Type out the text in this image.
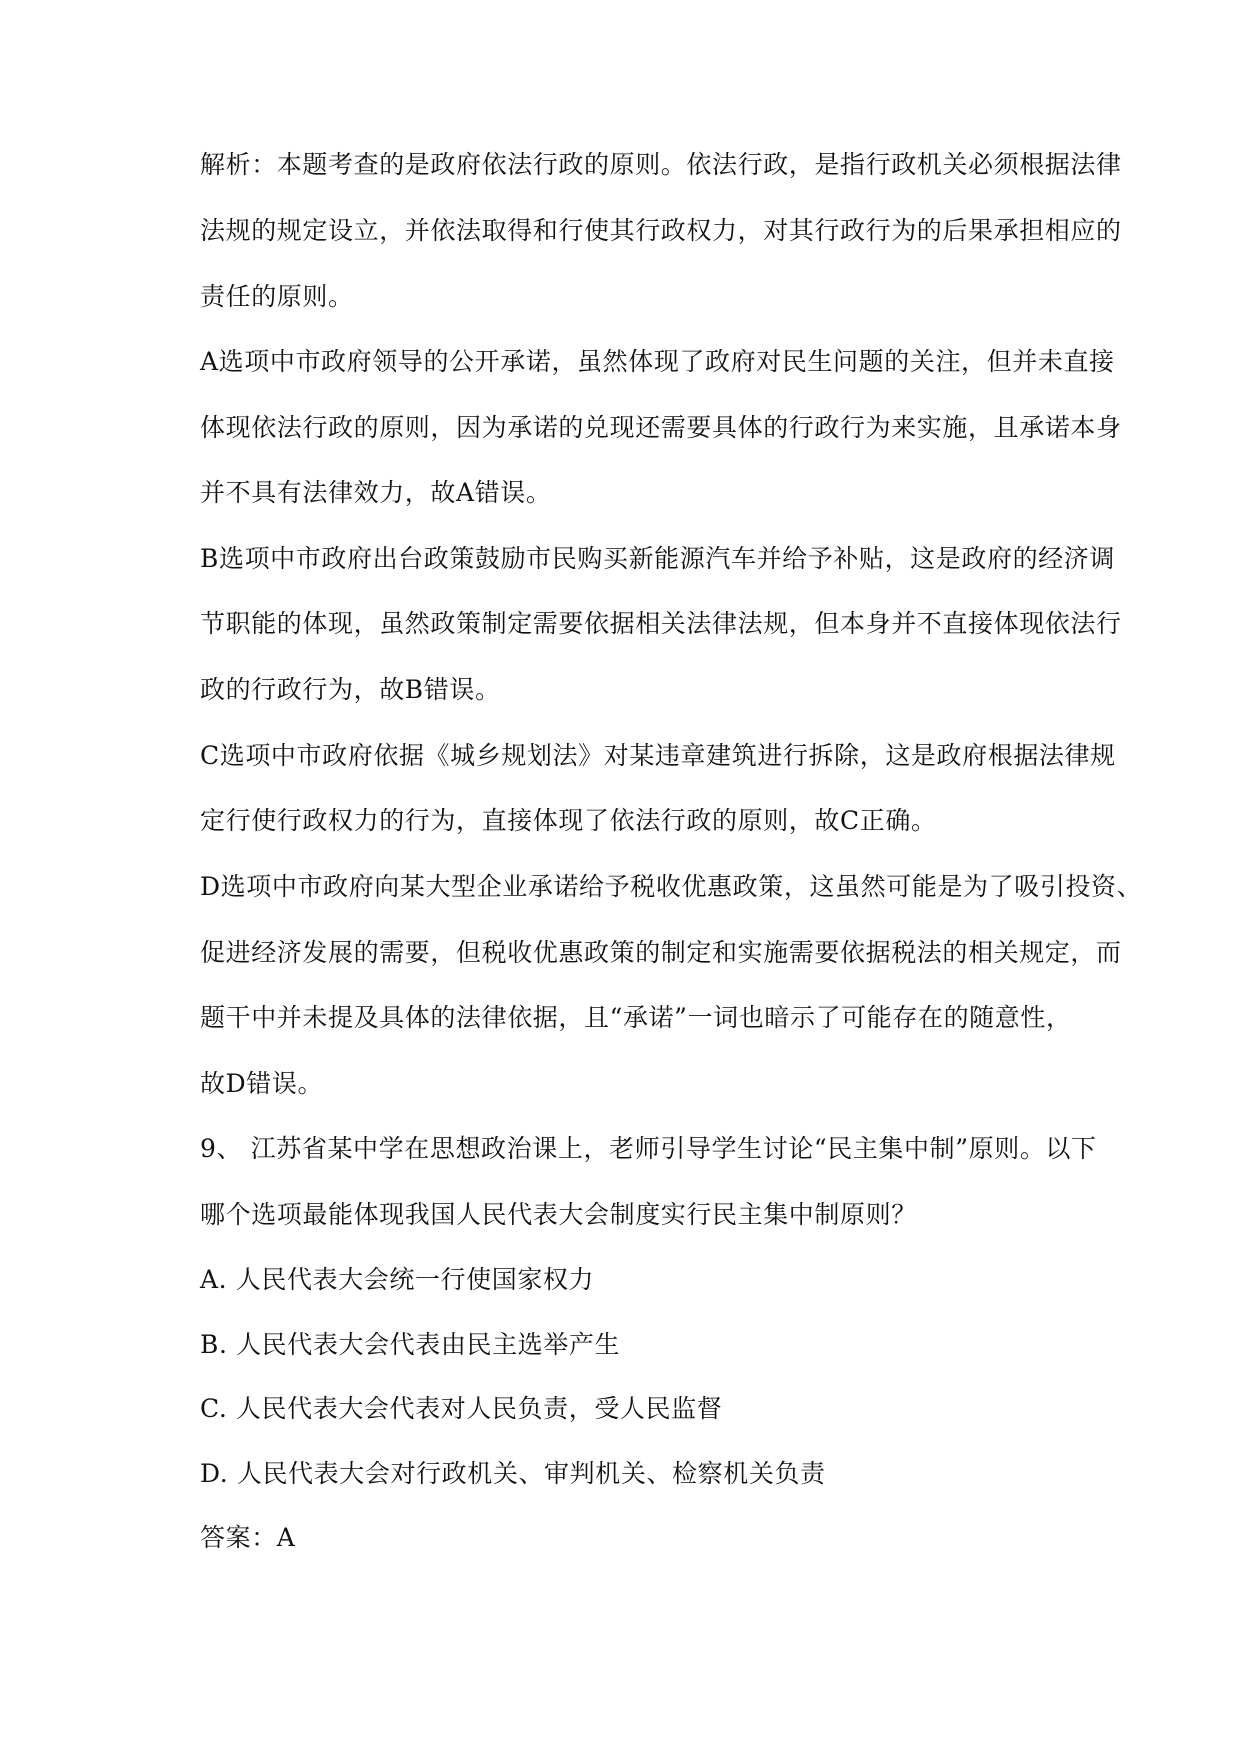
解析：本题考查的是政府依法行政的原则。依法行政，是指行政机关必须根据法律
法规的规定设立，并依法取得和行使其行政权力，对其行政行为的后果承担相应的
责任的原则。
A选项中市政府领导的公开承诺，虽然体现了政府对民生问题的关注，但并未直接
体现依法行政的原则，因为承诺的兑现还需要具体的行政行为来实施，且承诺本身
并不具有法律效力，故A错误。
B选项中市政府出台政策鼓励市民购买新能源汽车并给予补贴，这是政府的经济调
节职能的体现，虽然政策制定需要依据相关法律法规，但本身并不直接体现依法行
政的行政行为，故B错误。
C选项中市政府依据《城乡规划法》对某违章建筑进行拆除，这是政府根据法律规
定行使行政权力的行为，直接体现了依法行政的原则，故C正确。
D选项中市政府向某大型企业承诺给予税收优惠政策，这虽然可能是为了吸引投资、
促进经济发展的需要，但税收优惠政策的制定和实施需要依据税法的相关规定，而
题干中并未提及具体的法律依据，且“承诺”一词也暗示了可能存在的随意性，
故D错误。
9、 江苏省某中学在思想政治课上，老师引导学生讨论“民主集中制”原则。以下
哪个选项最能体现我国人民代表大会制度实行民主集中制原则？
A. 人民代表大会统一行使国家权力
B. 人民代表大会代表由民主选举产生
C. 人民代表大会代表对人民负责，受人民监督
D. 人民代表大会对行政机关、审判机关、检察机关负责
答案：A
